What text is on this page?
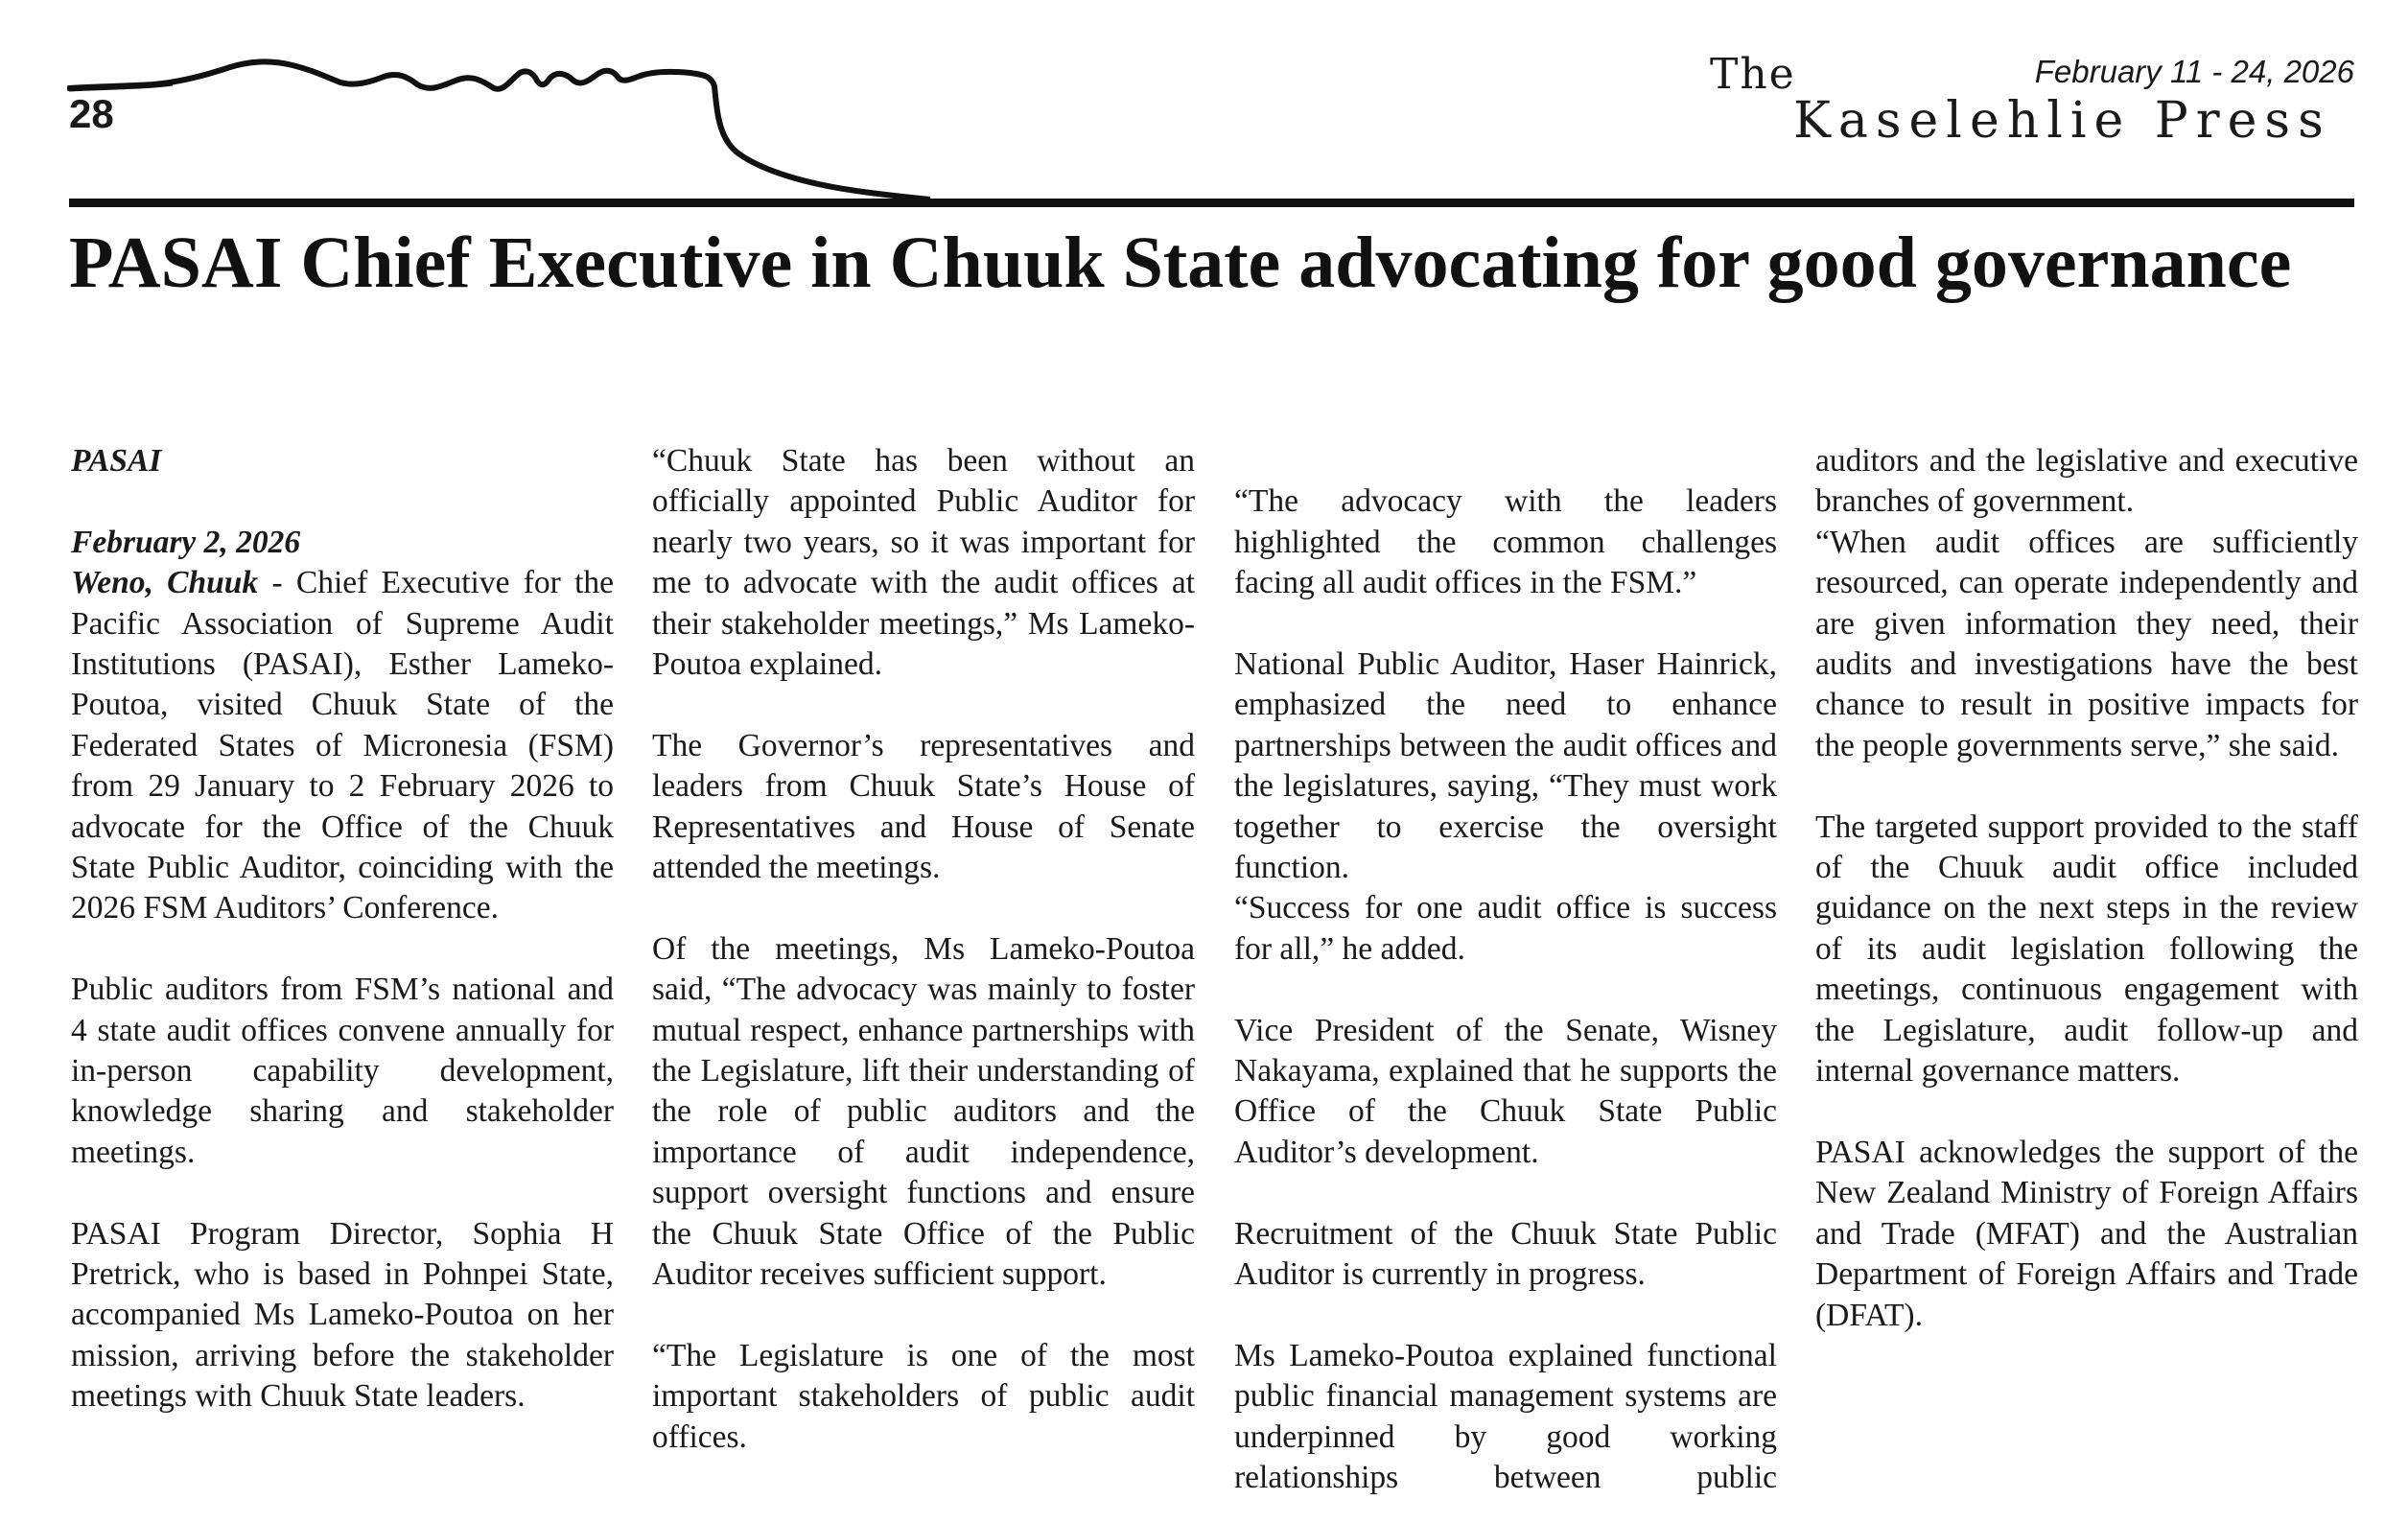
28
The	February 11 - 24, 2026
Kaselehlie Press
PASAI Chief Executive in Chuuk State advocating for good governance

PASAI

February 2, 2026

Weno, Chuuk - Chief Executive for the Pacific Association of Supreme Audit Institutions (PASAI), Esther Lameko-Poutoa, visited Chuuk State of the Federated States of Micronesia (FSM) from 29 January to 2 February 2026 to advocate for the Office of the Chuuk State Public Auditor, coinciding with the 2026 FSM Auditors’ Conference.

Public auditors from FSM’s national and 4 state audit offices convene annually for in-person capability development, knowledge sharing and stakeholder meetings.

PASAI Program Director, Sophia H Pretrick, who is based in Pohnpei State, accompanied Ms Lameko-Poutoa on her mission, arriving before the stakeholder meetings with Chuuk State leaders.

“Chuuk State has been without an officially appointed Public Auditor for nearly two years, so it was important for me to advocate with the audit offices at their stakeholder meetings,” Ms Lameko-Poutoa explained.

The Governor’s representatives and leaders from Chuuk State’s House of Representatives and House of Senate attended the meetings.

Of the meetings, Ms Lameko-Poutoa said, “The advocacy was mainly to foster mutual respect, enhance partnerships with the Legislature, lift their understanding of the role of public auditors and the importance of audit independence, support oversight functions and ensure the Chuuk State Office of the Public Auditor receives sufficient support.

“The Legislature is one of the most important stakeholders of public audit offices.

“The advocacy with the leaders highlighted the common challenges facing all audit offices in the FSM.”

National Public Auditor, Haser Hainrick, emphasized the need to enhance partnerships between the audit offices and the legislatures, saying, “They must work together to exercise the oversight function.

“Success for one audit office is success for all,” he added.

Vice President of the Senate, Wisney Nakayama, explained that he supports the Office of the Chuuk State Public Auditor’s development.

Recruitment of the Chuuk State Public Auditor is currently in progress.

Ms Lameko-Poutoa explained functional public financial management systems are underpinned by good working relationships between public

auditors and the legislative and executive branches of government.

“When audit offices are sufficiently resourced, can operate independently and are given information they need, their audits and investigations have the best chance to result in positive impacts for the people governments serve,” she said.

The targeted support provided to the staff of the Chuuk audit office included guidance on the next steps in the review of its audit legislation following the meetings, continuous engagement with the Legislature, audit follow-up and internal governance matters.

PASAI acknowledges the support of the New Zealand Ministry of Foreign Affairs and Trade (MFAT) and the Australian Department of Foreign Affairs and Trade (DFAT).
